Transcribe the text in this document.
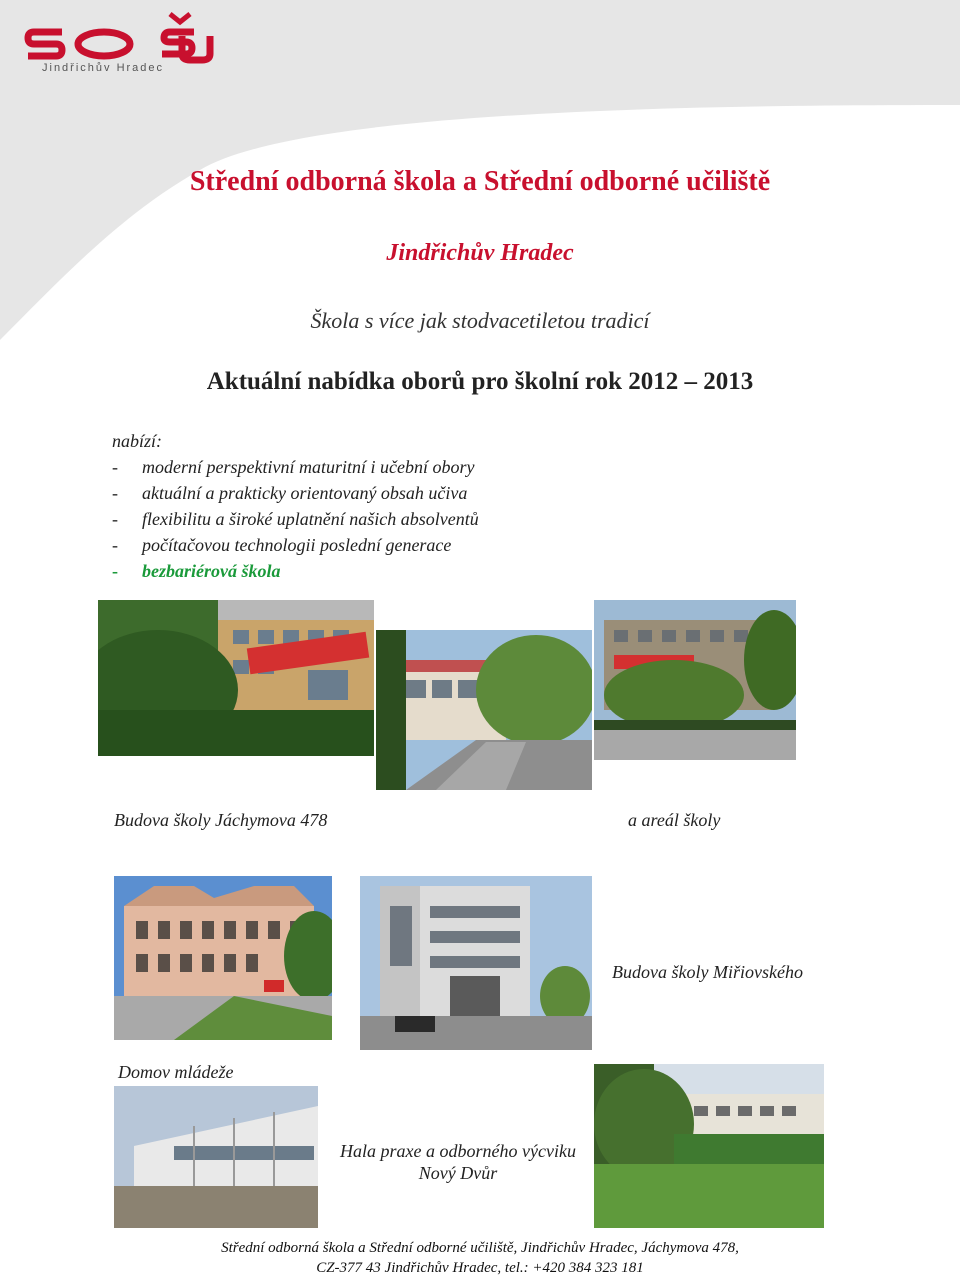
Jindřichův Hradec
Střední odborná škola a Střední odborné učiliště
Jindřichův Hradec
Škola s více jak stodvacetiletou tradicí
Aktuální nabídka oborů pro školní rok 2012 – 2013
nabízí:
-	moderní perspektivní maturitní i učební obory
-	aktuální a prakticky orientovaný obsah učiva
-	flexibilitu a široké uplatnění našich absolventů
-	počítačovou technologii poslední generace
-	bezbariérová škola
Budova školy Jáchymova 478	a areál školy
Budova školy Miřiovského
Domov mládeže
Hala praxe a odborného výcviku
Nový Dvůr
Střední odborná škola a Střední odborné učiliště, Jindřichův Hradec, Jáchymova 478,
CZ-377 43 Jindřichův Hradec, tel.: +420 384 323 181
